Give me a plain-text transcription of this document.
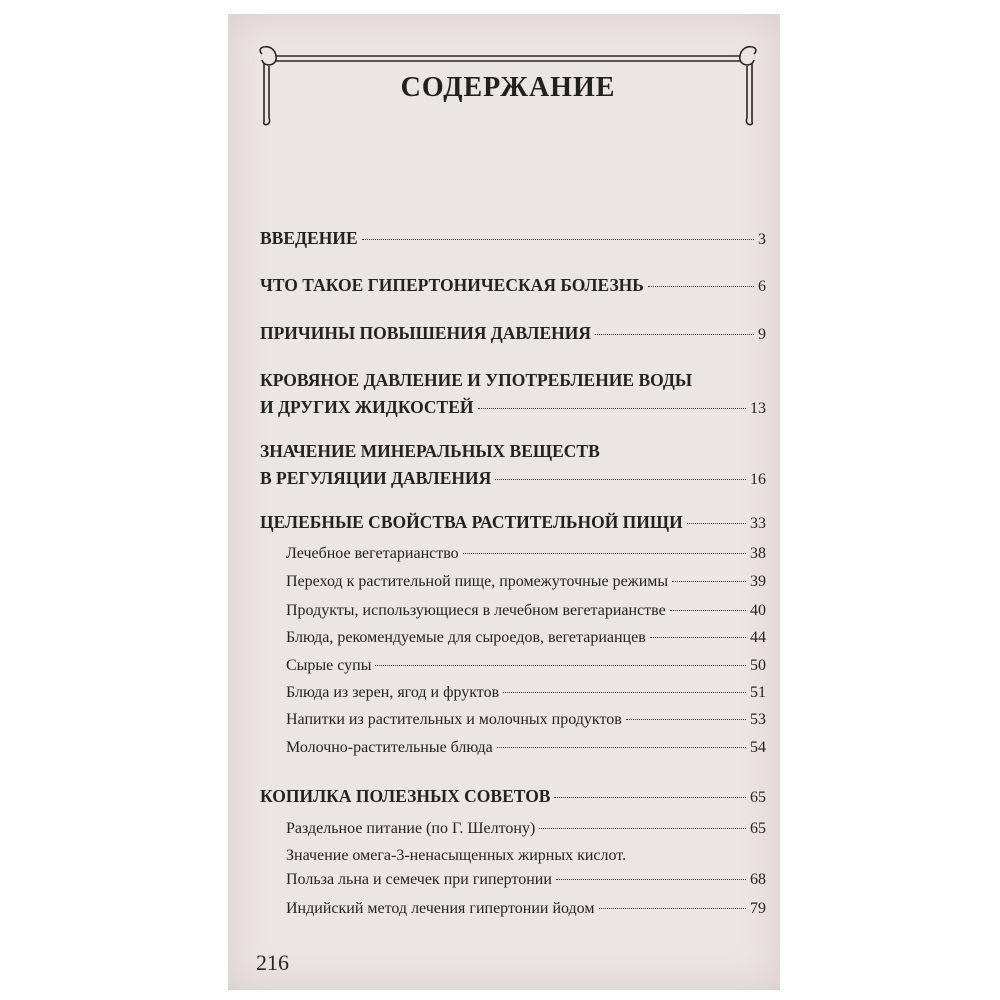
СОДЕРЖАНИЕ
ВВЕДЕНИЕ	3
ЧТО ТАКОЕ ГИПЕРТОНИЧЕСКАЯ БОЛЕЗНЬ	6
ПРИЧИНЫ ПОВЫШЕНИЯ ДАВЛЕНИЯ	9
КРОВЯНОЕ ДАВЛЕНИЕ И УПОТРЕБЛЕНИЕ ВОДЫ
И ДРУГИХ ЖИДКОСТЕЙ	13
ЗНАЧЕНИЕ МИНЕРАЛЬНЫХ ВЕЩЕСТВ
В РЕГУЛЯЦИИ ДАВЛЕНИЯ	16
ЦЕЛЕБНЫЕ СВОЙСТВА РАСТИТЕЛЬНОЙ ПИЩИ	33
Лечебное вегетарианство	38
Переход к растительной пище, промежуточные режимы	39
Продукты, использующиеся в лечебном вегетарианстве	40
Блюда, рекомендуемые для сыроедов, вегетарианцев	44
Сырые супы	50
Блюда из зерен, ягод и фруктов	51
Напитки из растительных и молочных продуктов	53
Молочно-растительные блюда	54
КОПИЛКА ПОЛЕЗНЫХ СОВЕТОВ	65
Раздельное питание (по Г. Шелтону)	65
Значение омега-3-ненасыщенных жирных кислот.
Польза льна и семечек при гипертонии	68
Индийский метод лечения гипертонии йодом	79
216
